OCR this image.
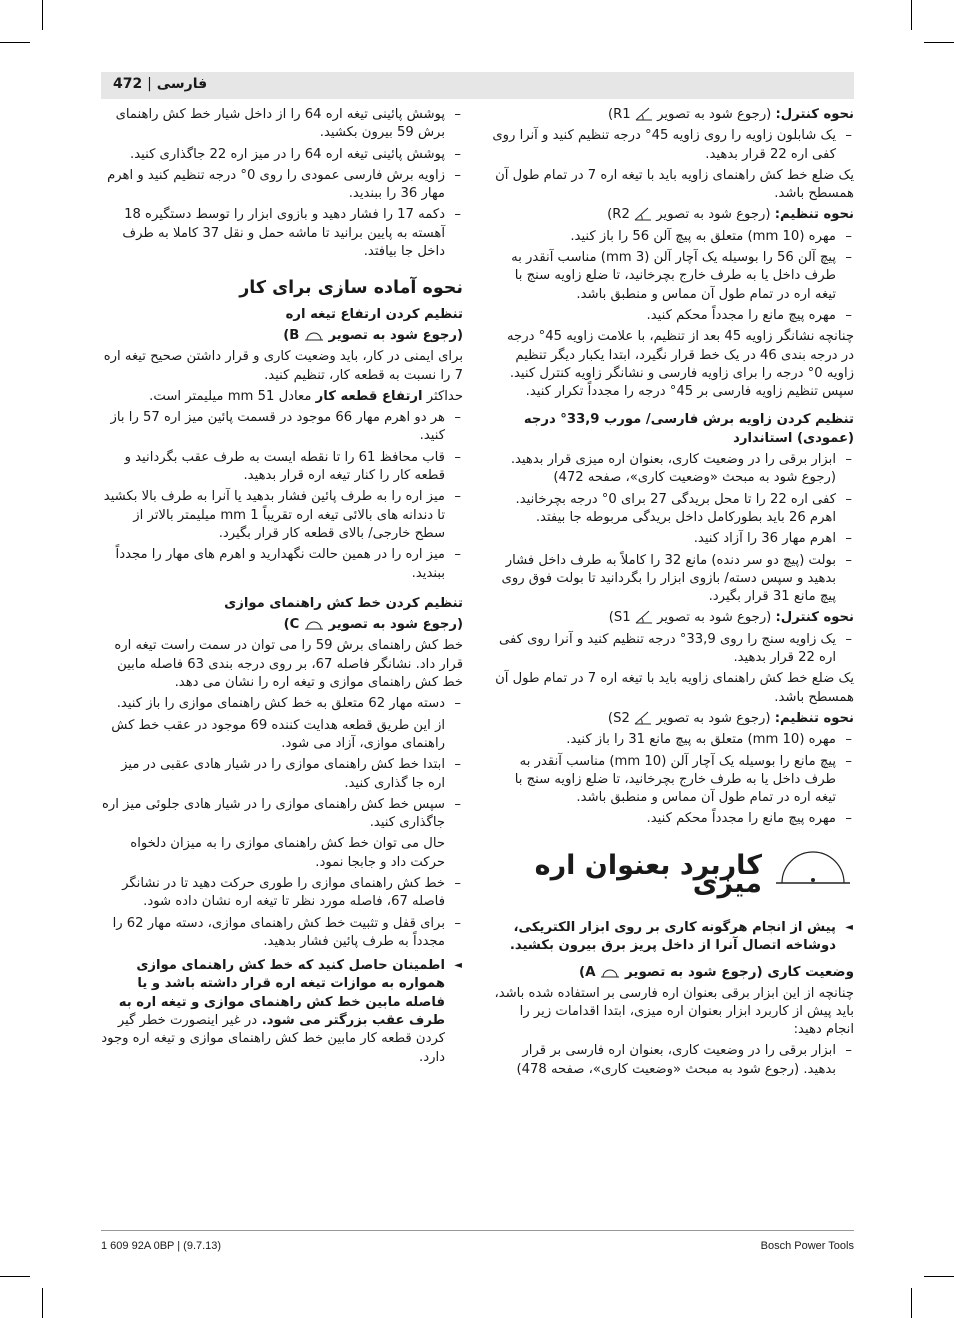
فارسی | 472

نحوه کنترل: (رجوع شود به تصویر  R1)

– یک شابلون زاویه را روی زاویه 45° درجه تنظیم کنید و آنرا روی کفی اره 22 قرار بدهید.

یک ضلع خط کش راهنمای زاویه باید با تیغه اره 7 در تمام طول آن همسطح باشد.

نحوه تنظیم: (رجوع شود به تصویر  R2)

– مهره (10 mm) متعلق به پیچ آلن 56 را باز کنید.
– پیچ آلن 56 را بوسیله یک آچار آلن (3 mm) مناسب آنقدر به طرف داخل یا به طرف خارج بچرخانید، تا ضلع زاویه سنج با تیغه اره در تمام طول آن مماس و منطبق باشد.
– مهره پیچ مانع را مجدداً محکم کنید.

چنانچه نشانگر زاویه 45 بعد از تنظیم، با علامت زاویه 45° درجه در درجه بندی 46 در یک خط قرار نگیرد، ابتدا یکبار دیگر تنظیم زاویه 0° درجه را برای زاویه فارسی و نشانگر زاویه کنترل کنید. سپس تنظیم زاویه فارسی بر 45° درجه را مجدداً تکرار کنید.

تنظیم کردن زاویه برش فارسی/ مورب 33,9° درجه (عمودی) استاندارد
– ابزار برقی را در وضعیت کاری، بعنوان اره میزی قرار بدهید. (رجوع شود به مبحث «وضعیت کاری»، صفحه 472)
– کفی اره 22 را تا محل بریدگی 27 برای 0° درجه بچرخانید. اهرم 26 باید بطورکامل داخل بریدگی مربوطه جا بیفتد.
– اهرم مهار 36 را آزاد کنید.
– بولت (پیچ دو سر دنده) مانع 32 را کاملاً به طرف داخل فشار بدهید و سپس دسته/ بازوی ابزار را بگردانید تا بولت فوق روی پیچ مانع 31 قرار بگیرد.

نحوه کنترل: (رجوع شود به تصویر  S1)

– یک زاویه سنج را روی 33,9° درجه تنظیم کنید و آنرا روی کفی اره 22 قرار بدهید.

یک ضلع خط کش راهنمای زاویه باید با تیغه اره 7 در تمام طول آن همسطح باشد.

نحوه تنظیم: (رجوع شود به تصویر  S2)

– مهره (10 mm) متعلق به پیچ مانع 31 را باز کنید.
– پیچ مانع را بوسیله یک آچار آلن (10 mm) مناسب آنقدر به طرف داخل یا به طرف خارج بچرخانید، تا ضلع زاویه سنج با تیغه اره در تمام طول آن مماس و منطبق باشد.
– مهره پیچ مانع را مجدداً محکم کنید.
کاربرد بعنوان اره میزی
◄
پیش از انجام هرگونه کاری بر روی ابزار الکتریکی، دوشاخه اتصال آنرا از داخل پریز برق بیرون بکشید.
وضعیت کاری (رجوع شود به تصویر  A)

چنانچه از این ابزار برقی بعنوان اره فارسی بر استفاده شده باشد، باید پیش از کاربرد ابزار بعنوان اره میزی، ابتدا اقدامات زیر را انجام دهید:

– ابزار برقی را در وضعیت کاری، بعنوان اره فارسی بر قرار بدهید. (رجوع شود به مبحث «وضعیت کاری»، صفحه 478)
– پوشش پائینی تیغه اره 64 را از داخل شیار خط کش راهنمای برش 59 بیرون بکشید.
– پوشش پائینی تیغه اره 64 را در میز اره 22 جاگذاری کنید.
– زاویه برش فارسی عمودی را روی 0° درجه تنظیم کنید و اهرم مهار 36 را ببندید.
– دکمه 17 را فشار دهید و بازوی ابزار را توسط دستگیره 18 آهسته به پایین برانید تا ماشه حمل و نقل 37 کاملا به طرف داخل جا بیافتد.
نحوه آماده سازی برای کار
تنظیم کردن ارتفاع تیغه اره
(رجوع شود به تصویر  B)

برای ایمنی در کار، باید وضعیت کاری و قرار داشتن صحیح تیغه اره 7 را نسبت به قطعه کار، تنظیم کنید.

حداکثر ارتفاع قطعه کار معادل 51 mm میلیمتر است.

– هر دو اهرم مهار 66 موجود در قسمت پائین میز اره 57 را باز کنید.
– قاب محافظ 61 را تا نقطه ایست به طرف عقب بگردانید و قطعه کار را کنار تیغه اره قرار بدهید.
– میز اره را به طرف پائین فشار بدهید یا آنرا به طرف بالا بکشید تا دندانه های بالائی تیغه اره تقریباً 1 mm میلیمتر بالاتر از سطح خارجی/ بالای قطعه کار قرار بگیرد.
– میز اره را در همین حالت نگهدارید و اهرم های مهار را مجدداً ببندید.
تنظیم کردن خط کش راهنمای موازی
(رجوع شود به تصویر  C)

خط کش راهنمای برش 59 را می توان در سمت راست تیغه اره قرار داد. نشانگر فاصله 67، بر روی درجه بندی 63 فاصله مابین خط کش راهنمای موازی و تیغه اره را نشان می دهد.

– دسته مهار 62 متعلق به خط کش راهنمای موازی را باز کنید.

از این طریق قطعه هدایت کننده 69 موجود در عقب خط کش راهنمای موازی، آزاد می شود.

– ابتدا خط کش راهنمای موازی را در شیار هادی عقبی در میز اره جا گذاری کنید.
– سپس خط کش راهنمای موازی را در شیار هادی جلوئی میز اره جاگذاری کنید.

حال می توان خط کش راهنمای موازی را به میزان دلخواه حرکت داد و جابجا نمود.

– خط کش راهنمای موازی را طوری حرکت دهید تا در نشانگر فاصله 67، فاصله مورد نظر تا تیغه اره نشان داده شود.
– برای قفل و تثبیت خط کش راهنمای موازی، دسته مهار 62 را مجدداً به طرف پائین فشار بدهید.
◄
اطمینان حاصل کنید که خط کش راهنمای موازی همواره به موازات تیغه اره قرار داشته باشد و یا فاصله مابین خط کش راهنمای موازی و تیغه اره به طرف عقب بزرگتر می شود. در غیر اینصورت خطر گیر کردن قطعه کار مابین خط کش راهنمای موازی و تیغه اره وجود دارد.
1 609 92A 0BP | (9.7.13)	Bosch Power Tools
